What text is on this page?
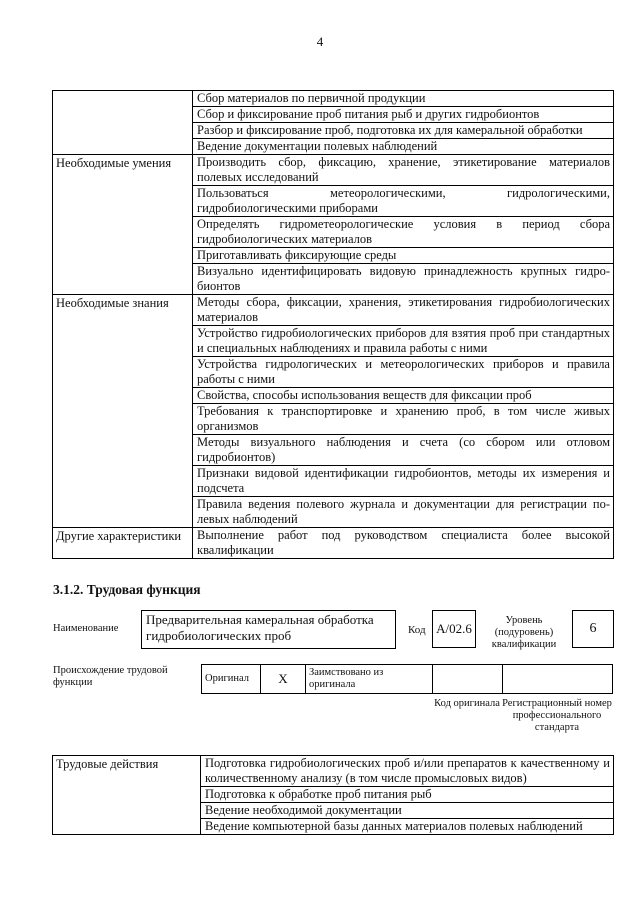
4
	Сбор материалов по первичной продукции
	Сбор и фиксирование проб питания рыб и других гидробионтов
	Разбор и фиксирование проб, подготовка их для камеральной обработки
	Ведение документации полевых наблюдений
Необходимые умения	Производить сбор, фиксацию, хранение, этикетирование материалов полевых исследований
	Пользоваться метеорологическими, гидрологическими, гидробиологическими приборами
	Определять гидрометеорологические условия в период сбора гидробиологических материалов
	Приготавливать фиксирующие среды
	Визуально идентифицировать видовую принадлежность крупных гидро-бионтов
Необходимые знания	Методы сбора, фиксации, хранения, этикетирования гидробиологических материалов
	Устройство гидробиологических приборов для взятия проб при стандартных и специальных наблюдениях и правила работы с ними
	Устройства гидрологических и метеорологических приборов и правила работы с ними
	Свойства, способы использования веществ для фиксации проб
	Требования к транспортировке и хранению проб, в том числе живых организмов
	Методы визуального наблюдения и счета (со сбором или отловом гидробионтов)
	Признаки видовой идентификации гидробионтов, методы их измерения и подсчета
	Правила ведения полевого журнала и документации для регистрации по-левых наблюдений
Другие характеристики	Выполнение работ под руководством специалиста более высокой квалификации
3.1.2. Трудовая функция
Наименование
Предварительная камеральная обработка гидробиологических проб	Код А/02.6
Уровень (подуровень) квалификации
6
Происхождение трудовой функции	Оригинал	X	Заимствовано из оригинала		
Код оригинала Регистрационный номер профессионального стандарта
Трудовые действия	Подготовка гидробиологических проб и/или препаратов к качественному и количественному анализу (в том числе промысловых видов)
Подготовка к обработке проб питания рыб
Ведение необходимой документации
Ведение компьютерной базы данных материалов полевых наблюдений
